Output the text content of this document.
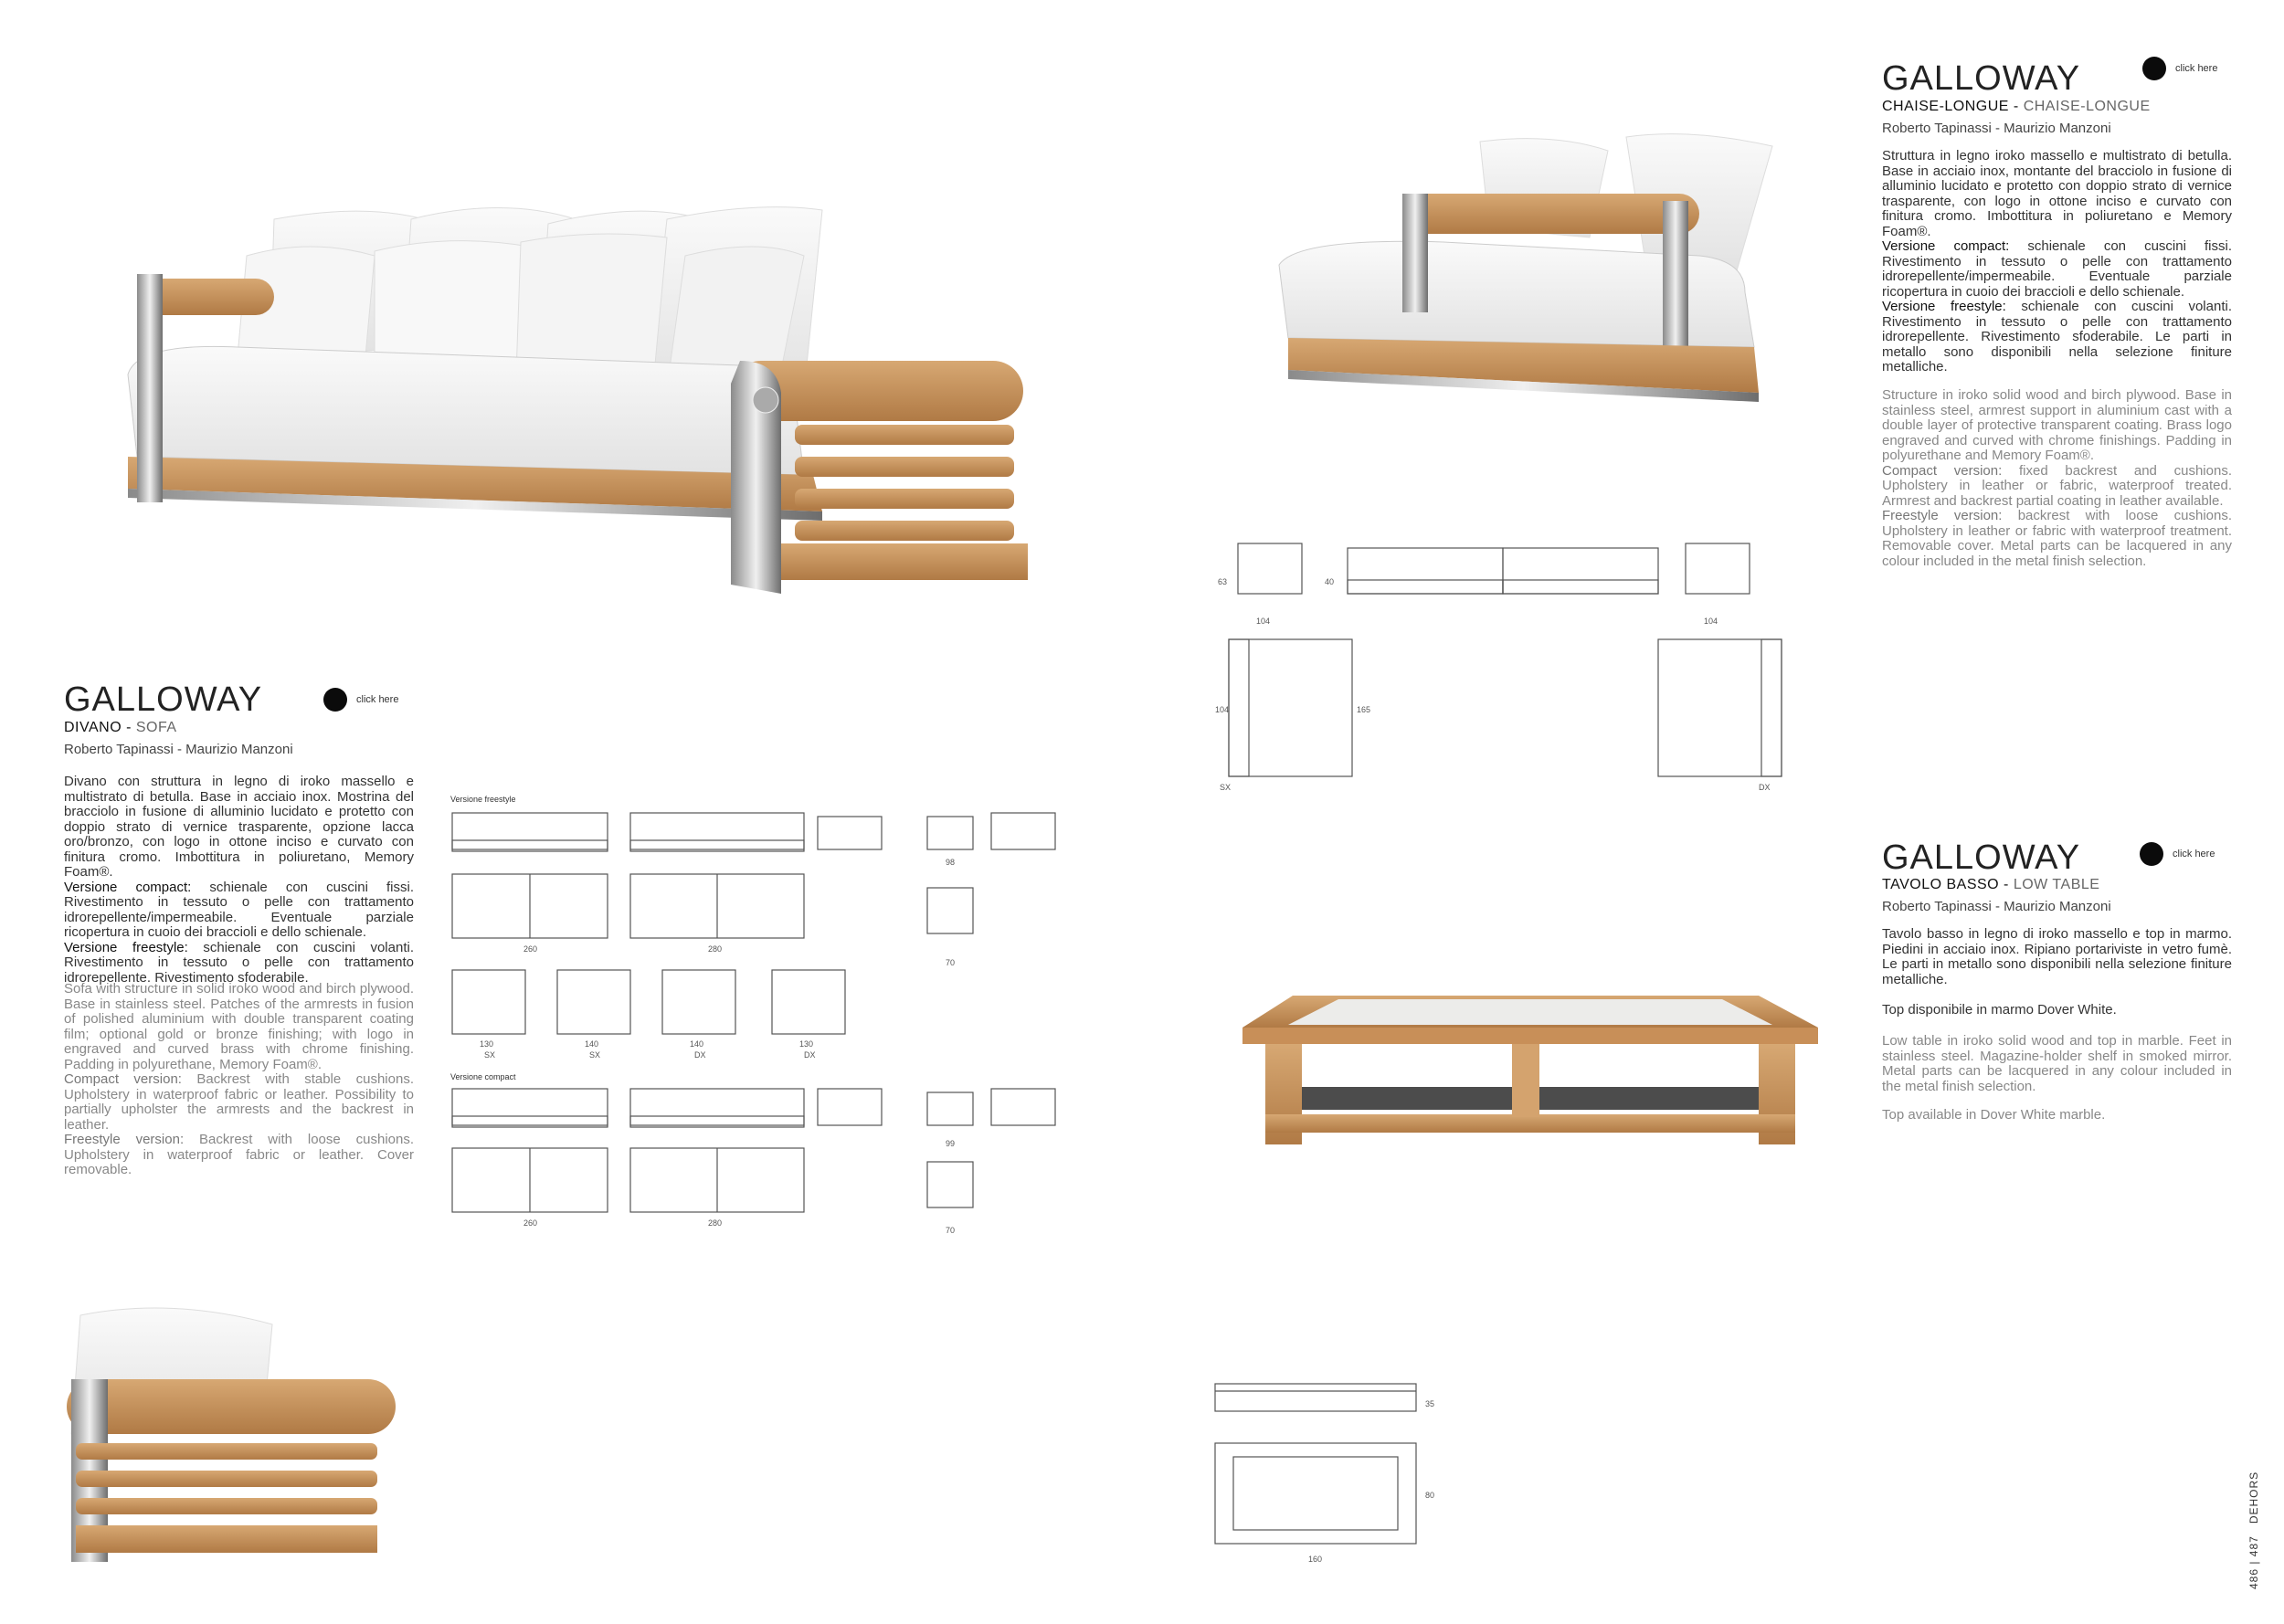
GALLOWAY	click here
DIVANO - SOFA
Roberto Tapinassi - Maurizio Manzoni
Divano con struttura in legno di iroko massello e multistrato di betulla. Base in acciaio inox. Mostrina del bracciolo in fusione di alluminio lucidato e protetto con doppio strato di vernice trasparente, opzione lacca oro/bronzo, con logo in ottone inciso e curvato con finitura cromo. Imbottitura in poliuretano, Memory Foam®.
Versione compact: schienale con cuscini fissi. Rivestimento in tessuto o pelle con trattamento idrorepellente/impermeabile. Eventuale parziale ricopertura in cuoio dei braccioli e dello schienale.
Versione freestyle: schienale con cuscini volanti. Rivestimento in tessuto o pelle con trattamento idrorepellente. Rivestimento sfoderabile.
Sofa with structure in solid iroko wood and birch plywood. Base in stainless steel. Patches of the armrests in fusion of polished aluminium with double transparent coating film; optional gold or bronze finishing; with logo in engraved and curved brass with chrome finishing. Padding in polyurethane, Memory Foam®.
Compact version: Backrest with stable cushions. Upholstery in waterproof fabric or leather. Possibility to partially upholster the armrests and the backrest in leather.
Freestyle version: Backrest with loose cushions. Upholstery in waterproof fabric or leather. Cover removable.
Versione freestyle
Versione compact
260	280
98
70
130	140	140	130
SX	SX	DX	DX
260	280
99
70
104
63	40
104
104	165
SX	DX
GALLOWAY	click here
CHAISE-LONGUE - CHAISE-LONGUE
Roberto Tapinassi - Maurizio Manzoni
Struttura in legno iroko massello e multistrato di betulla. Base in acciaio inox, montante del bracciolo in fusione di alluminio lucidato e protetto con doppio strato di vernice trasparente, con logo in ottone inciso e curvato con finitura cromo. Imbottitura in poliuretano e Memory Foam®.
Versione compact: schienale con cuscini fissi. Rivestimento in tessuto o pelle con trattamento idrorepellente/impermeabile. Eventuale parziale ricopertura in cuoio dei braccioli e dello schienale.
Versione freestyle: schienale con cuscini volanti. Rivestimento in tessuto o pelle con trattamento idrorepellente. Rivestimento sfoderabile. Le parti in metallo sono disponibili nella selezione finiture metalliche.
Structure in iroko solid wood and birch plywood. Base in stainless steel, armrest support in aluminium cast with a double layer of protective transparent coating. Brass logo engraved and curved with chrome finishings. Padding in polyurethane and Memory Foam®.
Compact version: fixed backrest and cushions. Upholstery in leather or fabric, waterproof treated. Armrest and backrest partial coating in leather available.
Freestyle version: backrest with loose cushions. Upholstery in leather or fabric with waterproof treatment. Removable cover. Metal parts can be lacquered in any colour included in the metal finish selection.
GALLOWAY	click here
TAVOLO BASSO - LOW TABLE
Roberto Tapinassi - Maurizio Manzoni
Tavolo basso in legno di iroko massello e top in marmo. Piedini in acciaio inox. Ripiano portariviste in vetro fumè. Le parti in metallo sono disponibili nella selezione finiture metalliche.
Top disponibile in marmo Dover White.
Low table in iroko solid wood and top in marble. Feet in stainless steel. Magazine-holder shelf in smoked mirror. Metal parts can be lacquered in any colour included in the metal finish selection.
Top available in Dover White marble.
35
80
160	486 | 487   DEHORS
